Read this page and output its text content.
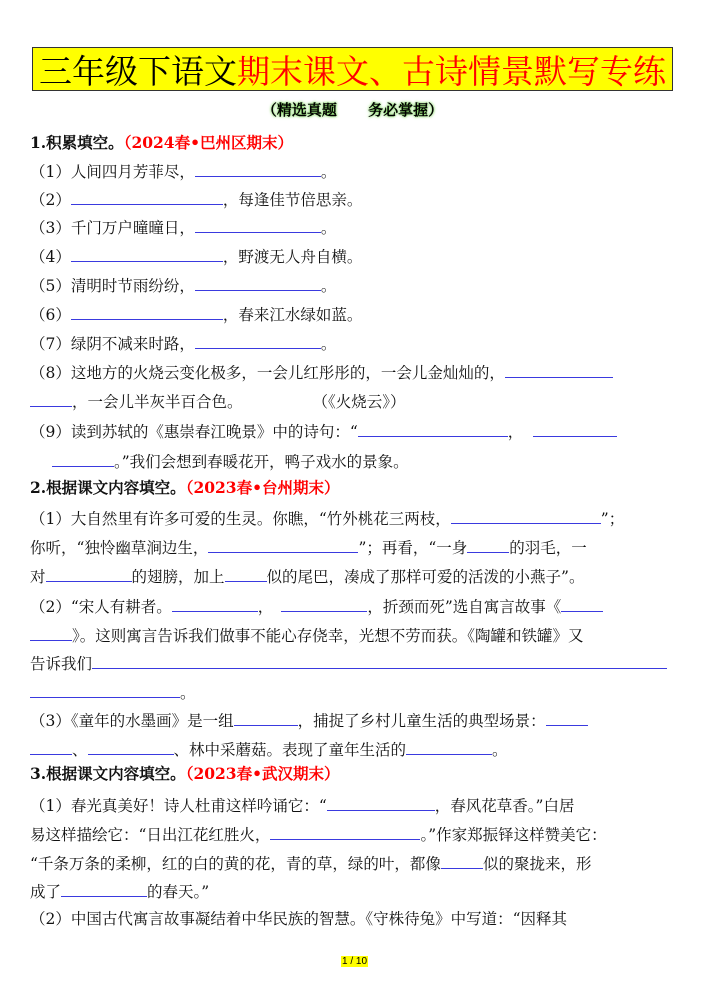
三年级下语文 期末课文、古诗情景默写专练
（精选真题      务必掌握）
1.积累填空。（2024春•巴州区期末）
（1）人间四月芳菲尽，	。
（2）	，每逢佳节倍思亲。
（3）千门万户曈曈日，	。
（4）	，野渡无人舟自横。
（5）清明时节雨纷纷，	。
（6）	，春来江水绿如蓝。
（7）绿阴不减来时路，	。
（8）这地方的火烧云变化极多，一会儿红彤彤的，一会儿金灿灿的，
，一会儿半灰半百合色。	（《火烧云》）
（9）读到苏轼的《惠崇春江晚景》中的诗句：“	，
。”我们会想到春暖花开，鸭子戏水的景象。
2.根据课文内容填空。（2023春•台州期末）
（1）大自然里有许多可爱的生灵。你瞧，“竹外桃花三两枝，	”；
你听，“独怜幽草涧边生，	”；再看，“一身	的羽毛，一
对	的翅膀，加上	似的尾巴，凑成了那样可爱的活泼的小燕子”。
（2）“宋人有耕者。	，	，折颈而死”选自寓言故事《
》。这则寓言告诉我们做事不能心存侥幸，光想不劳而获。《陶罐和铁罐》又
告诉我们
。
（3）《童年的水墨画》是一组	，捕捉了乡村儿童生活的典型场景：
、	、林中采蘑菇。表现了童年生活的	。
3.根据课文内容填空。（2023春•武汉期末）
（1）春光真美好！诗人杜甫这样吟诵它：“	，春风花草香。”白居
易这样描绘它：“日出江花红胜火，	。”作家郑振铎这样赞美它：
“千条万条的柔柳，红的白的黄的花，青的草，绿的叶，都像	似的聚拢来，形
成了	的春天。”
（2）中国古代寓言故事凝结着中华民族的智慧。《守株待兔》中写道：“因释其
1 / 10
